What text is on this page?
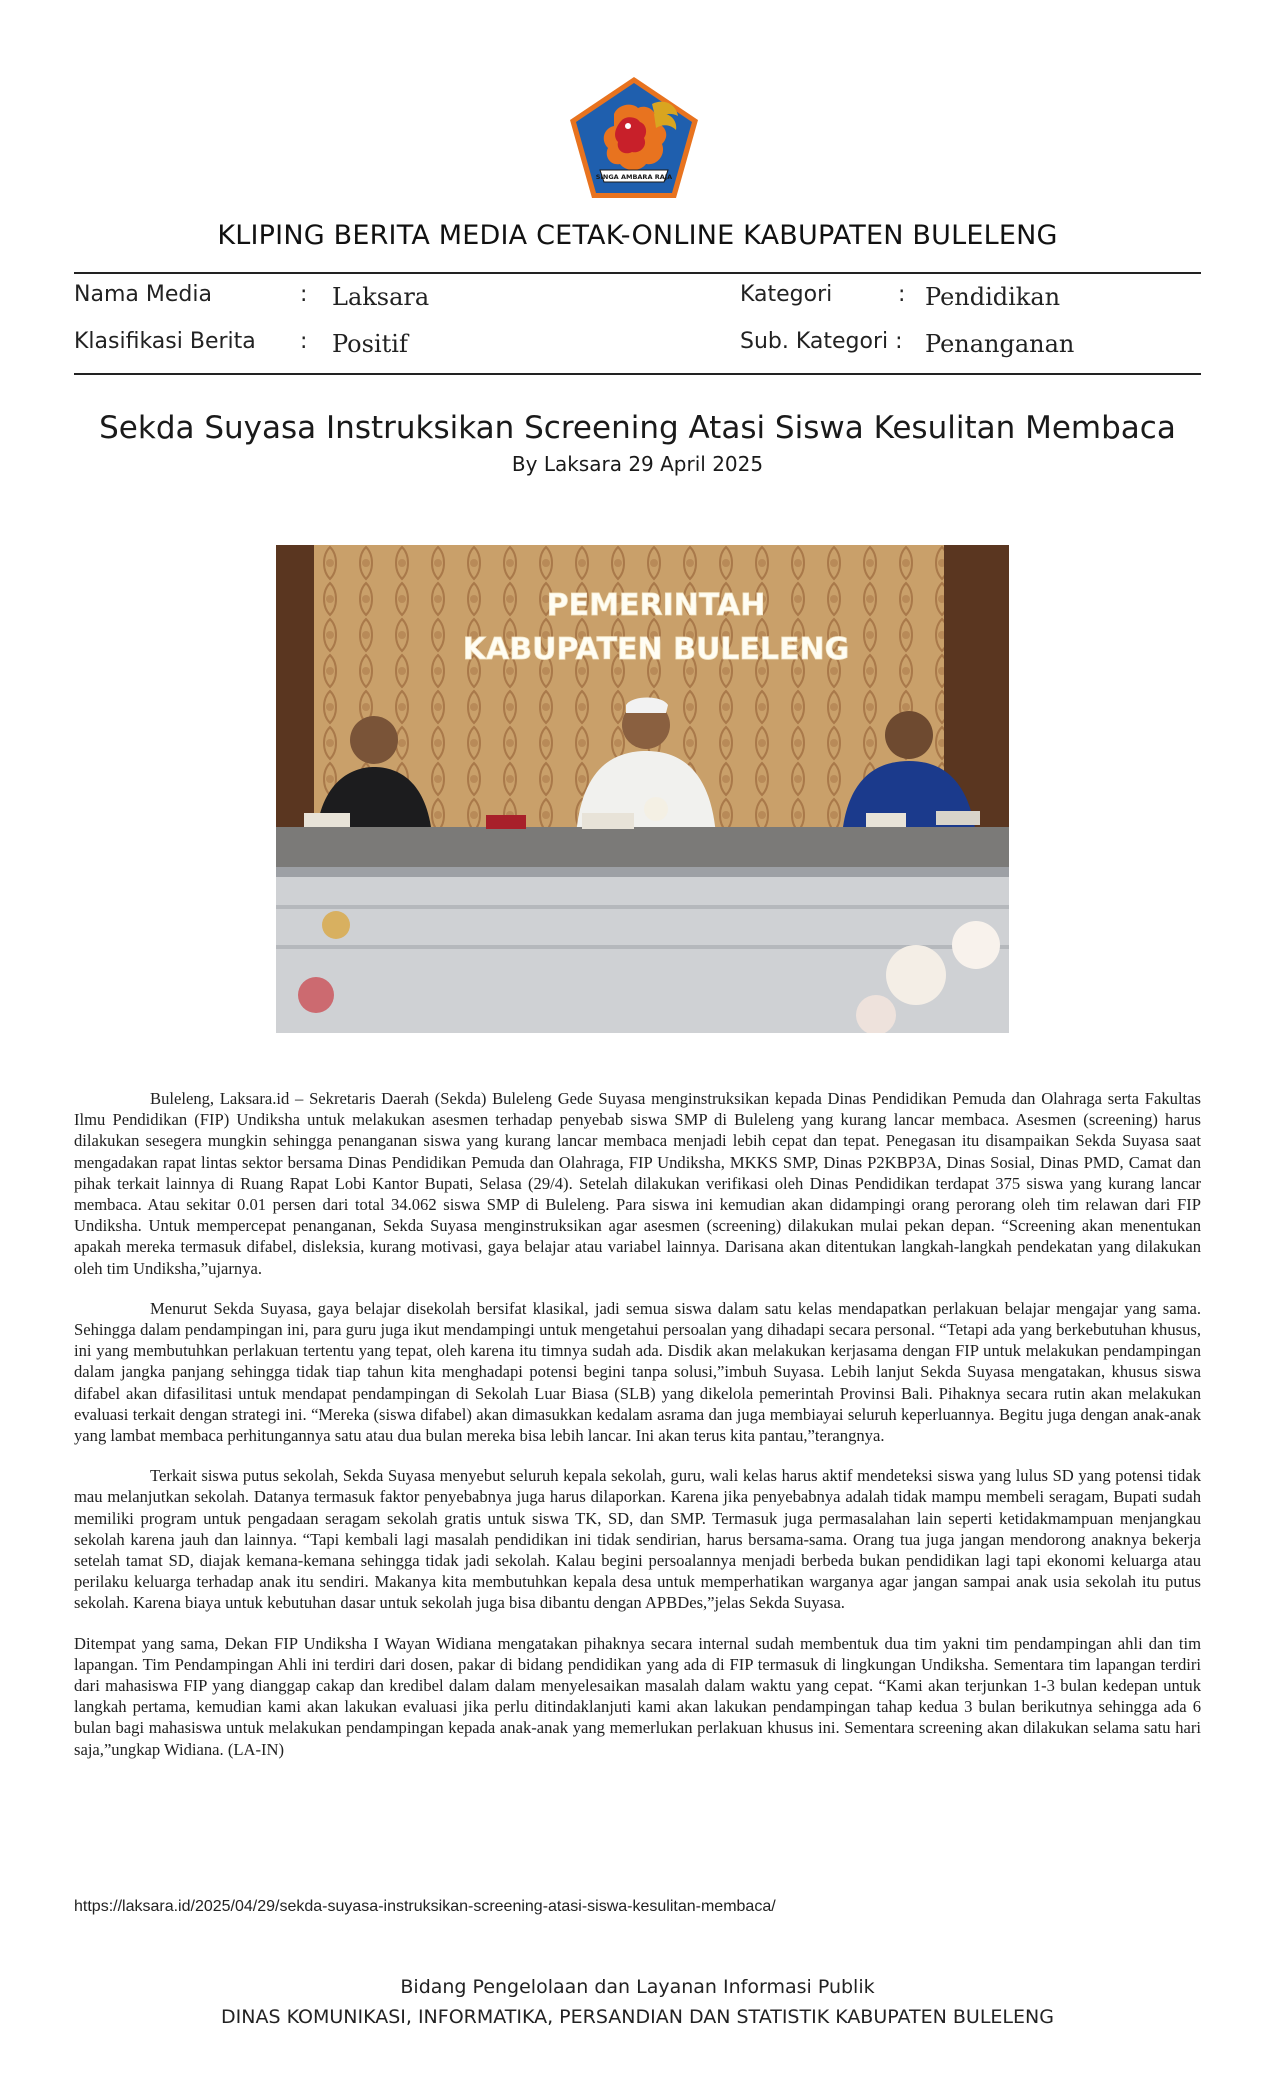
SINGA AMBARA RAJA
KLIPING BERITA MEDIA CETAK-ONLINE KABUPATEN BULELENG
Nama Media	: Laksara	Kategori	: Pendidikan
Klasifikasi Berita : Positif	Sub. Kategori : Penanganan
Sekda Suyasa Instruksikan Screening Atasi Siswa Kesulitan Membaca
By Laksara 29 April 2025
PEMERINTAH
KABUPATEN BULELENG

Buleleng, Laksara.id – Sekretaris Daerah (Sekda) Buleleng Gede Suyasa menginstruksikan kepada Dinas Pendidikan Pemuda dan Olahraga serta Fakultas Ilmu Pendidikan (FIP) Undiksha untuk melakukan asesmen terhadap penyebab siswa SMP di Buleleng yang kurang lancar membaca. Asesmen (screening) harus dilakukan sesegera mungkin sehingga penanganan siswa yang kurang lancar membaca menjadi lebih cepat dan tepat. Penegasan itu disampaikan Sekda Suyasa saat mengadakan rapat lintas sektor bersama Dinas Pendidikan Pemuda dan Olahraga, FIP Undiksha, MKKS SMP, Dinas P2KBP3A, Dinas Sosial, Dinas PMD, Camat dan pihak terkait lainnya di Ruang Rapat Lobi Kantor Bupati, Selasa (29/4). Setelah dilakukan verifikasi oleh Dinas Pendidikan terdapat 375 siswa yang kurang lancar membaca. Atau sekitar 0.01 persen dari total 34.062 siswa SMP di Buleleng. Para siswa ini kemudian akan didampingi orang perorang oleh tim relawan dari FIP Undiksha. Untuk mempercepat penanganan, Sekda Suyasa menginstruksikan agar asesmen (screening) dilakukan mulai pekan depan. “Screening akan menentukan apakah mereka termasuk difabel, disleksia, kurang motivasi, gaya belajar atau variabel lainnya. Darisana akan ditentukan langkah-langkah pendekatan yang dilakukan oleh tim Undiksha,”ujarnya.

Menurut Sekda Suyasa, gaya belajar disekolah bersifat klasikal, jadi semua siswa dalam satu kelas mendapatkan perlakuan belajar mengajar yang sama. Sehingga dalam pendampingan ini, para guru juga ikut mendampingi untuk mengetahui persoalan yang dihadapi secara personal. “Tetapi ada yang berkebutuhan khusus, ini yang membutuhkan perlakuan tertentu yang tepat, oleh karena itu timnya sudah ada. Disdik akan melakukan kerjasama dengan FIP untuk melakukan pendampingan dalam jangka panjang sehingga tidak tiap tahun kita menghadapi potensi begini tanpa solusi,”imbuh Suyasa. Lebih lanjut Sekda Suyasa mengatakan, khusus siswa difabel akan difasilitasi untuk mendapat pendampingan di Sekolah Luar Biasa (SLB) yang dikelola pemerintah Provinsi Bali. Pihaknya secara rutin akan melakukan evaluasi terkait dengan strategi ini. “Mereka (siswa difabel) akan dimasukkan kedalam asrama dan juga membiayai seluruh keperluannya. Begitu juga dengan anak-anak yang lambat membaca perhitungannya satu atau dua bulan mereka bisa lebih lancar. Ini akan terus kita pantau,”terangnya.

Terkait siswa putus sekolah, Sekda Suyasa menyebut seluruh kepala sekolah, guru, wali kelas harus aktif mendeteksi siswa yang lulus SD yang potensi tidak mau melanjutkan sekolah. Datanya termasuk faktor penyebabnya juga harus dilaporkan. Karena jika penyebabnya adalah tidak mampu membeli seragam, Bupati sudah memiliki program untuk pengadaan seragam sekolah gratis untuk siswa TK, SD, dan SMP. Termasuk juga permasalahan lain seperti ketidakmampuan menjangkau sekolah karena jauh dan lainnya. “Tapi kembali lagi masalah pendidikan ini tidak sendirian, harus bersama-sama. Orang tua juga jangan mendorong anaknya bekerja setelah tamat SD, diajak kemana-kemana sehingga tidak jadi sekolah. Kalau begini persoalannya menjadi berbeda bukan pendidikan lagi tapi ekonomi keluarga atau perilaku keluarga terhadap anak itu sendiri. Makanya kita membutuhkan kepala desa untuk memperhatikan warganya agar jangan sampai anak usia sekolah itu putus sekolah. Karena biaya untuk kebutuhan dasar untuk sekolah juga bisa dibantu dengan APBDes,”jelas Sekda Suyasa.

Ditempat yang sama, Dekan FIP Undiksha I Wayan Widiana mengatakan pihaknya secara internal sudah membentuk dua tim yakni tim pendampingan ahli dan tim lapangan. Tim Pendampingan Ahli ini terdiri dari dosen, pakar di bidang pendidikan yang ada di FIP termasuk di lingkungan Undiksha. Sementara tim lapangan terdiri dari mahasiswa FIP yang dianggap cakap dan kredibel dalam dalam menyelesaikan masalah dalam waktu yang cepat. “Kami akan terjunkan 1-3 bulan kedepan untuk langkah pertama, kemudian kami akan lakukan evaluasi jika perlu ditindaklanjuti kami akan lakukan pendampingan tahap kedua 3 bulan berikutnya sehingga ada 6 bulan bagi mahasiswa untuk melakukan pendampingan kepada anak-anak yang memerlukan perlakuan khusus ini. Sementara screening akan dilakukan selama satu hari saja,”ungkap Widiana. (LA-IN)

https://laksara.id/2025/04/29/sekda-suyasa-instruksikan-screening-atasi-siswa-kesulitan-membaca/
Bidang Pengelolaan dan Layanan Informasi Publik
DINAS KOMUNIKASI, INFORMATIKA, PERSANDIAN DAN STATISTIK KABUPATEN BULELENG
